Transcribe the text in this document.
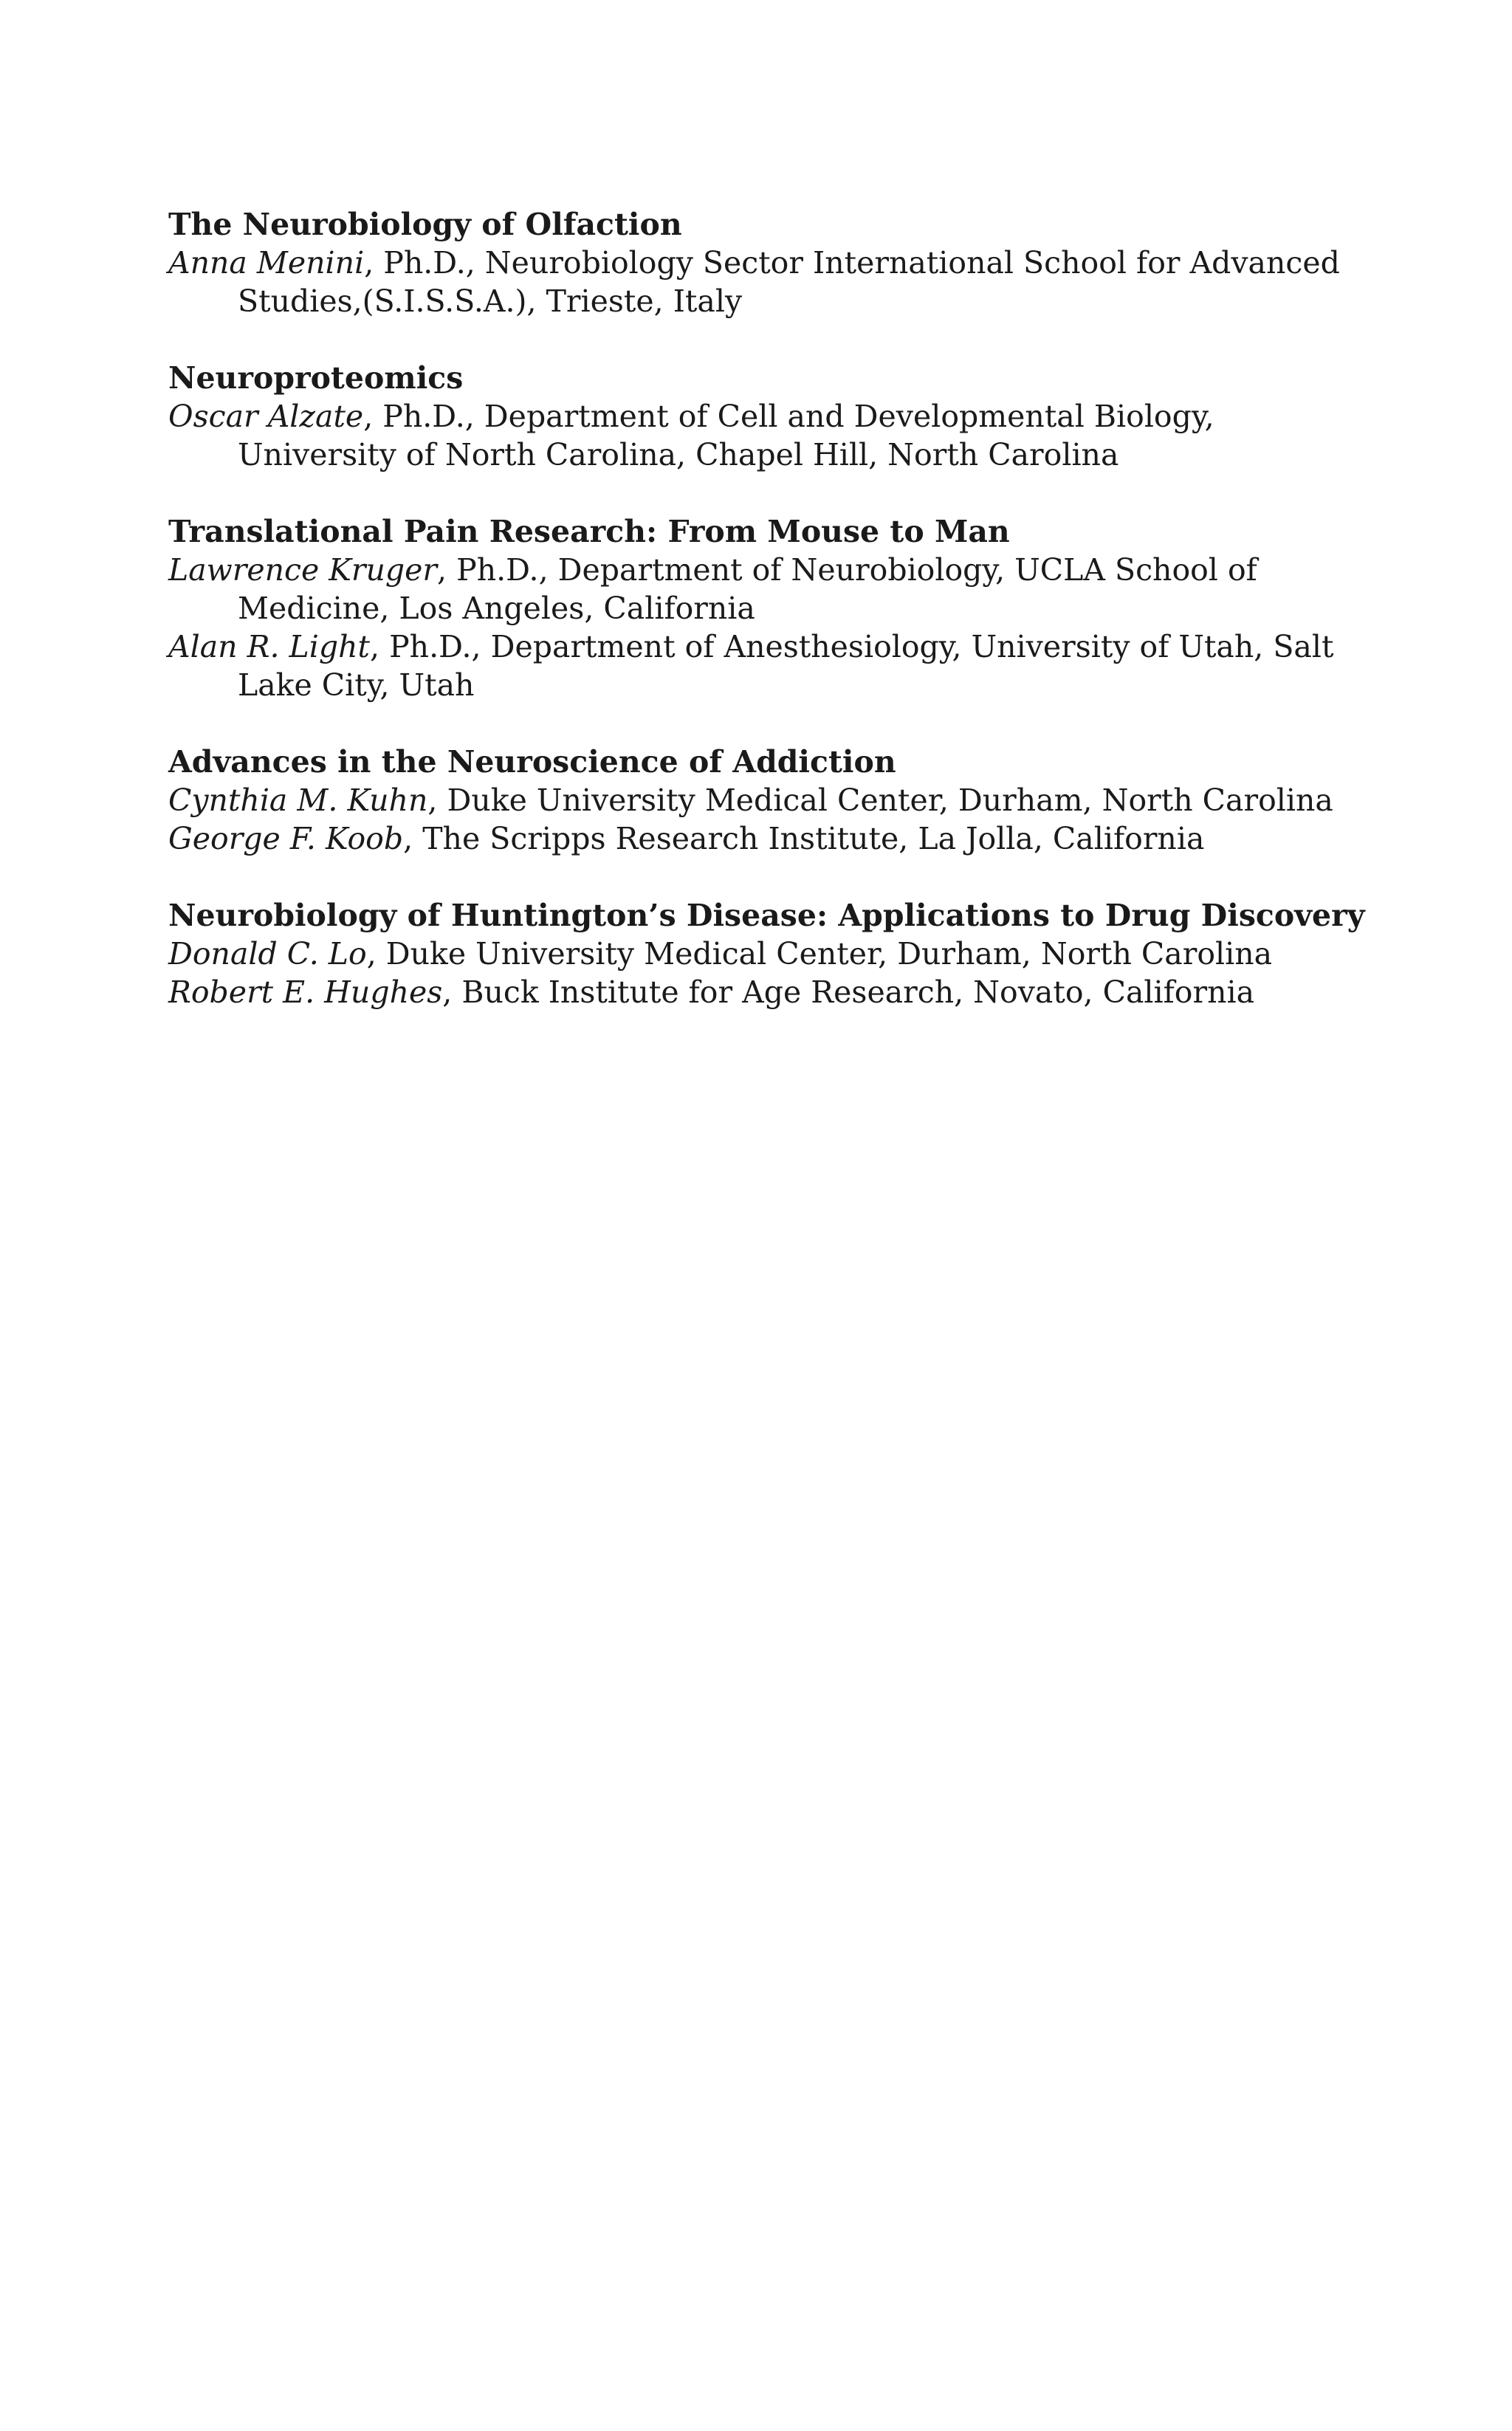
The Neurobiology of Olfaction

Anna Menini, Ph.D., Neurobiology Sector International School for Advanced Studies,(S.I.S.S.A.), Trieste, Italy

Neuroproteomics

Oscar Alzate, Ph.D., Department of Cell and Developmental Biology, University of North Carolina, Chapel Hill, North Carolina

Translational Pain Research: From Mouse to Man

Lawrence Kruger, Ph.D., Department of Neurobiology, UCLA School of Medicine, Los Angeles, California

Alan R. Light, Ph.D., Department of Anesthesiology, University of Utah, Salt Lake City, Utah

Advances in the Neuroscience of Addiction

Cynthia M. Kuhn, Duke University Medical Center, Durham, North Carolina

George F. Koob, The Scripps Research Institute, La Jolla, California

Neurobiology of Huntington’s Disease: Applications to Drug Discovery

Donald C. Lo, Duke University Medical Center, Durham, North Carolina

Robert E. Hughes, Buck Institute for Age Research, Novato, California
